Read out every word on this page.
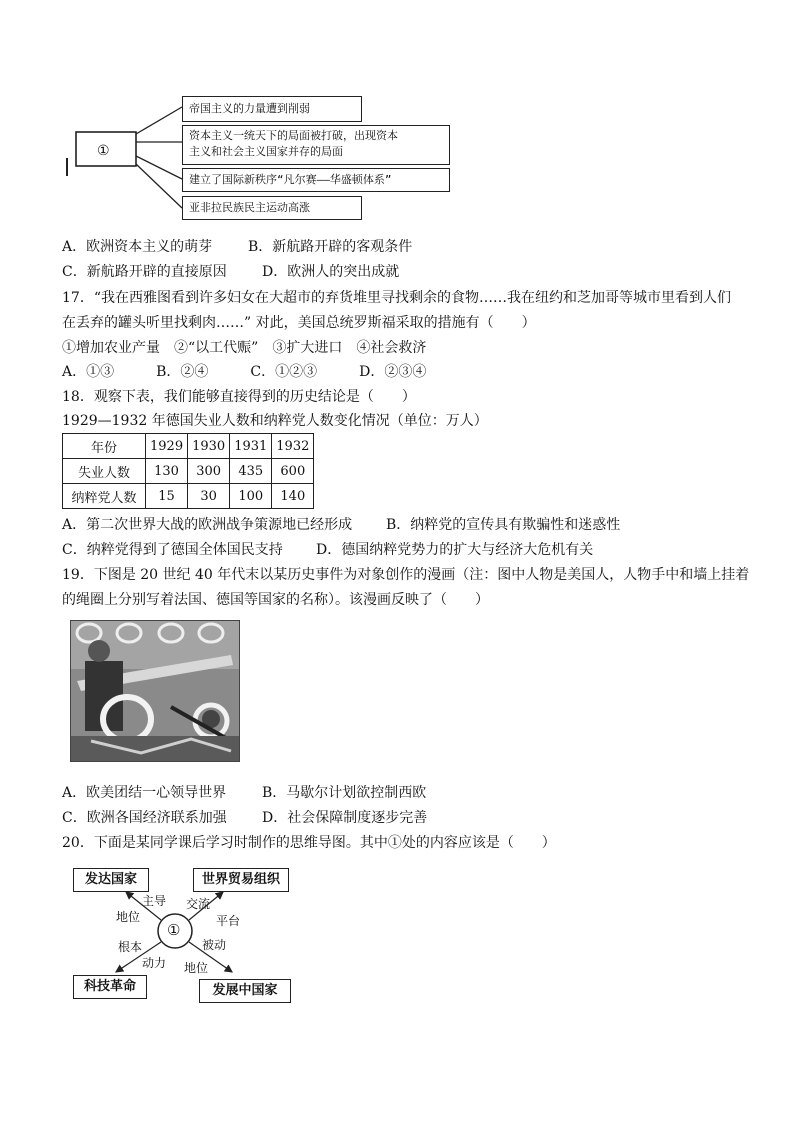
①
帝国主义的力量遭到削弱
资本主义一统天下的局面被打破，出现资本
主义和社会主义国家并存的局面
建立了国际新秩序“凡尔赛——华盛顿体系”
亚非拉民族民主运动高涨
A．欧洲资本主义的萌芽	B．新航路开辟的客观条件
C．新航路开辟的直接原因	D．欧洲人的突出成就
17．“我在西雅图看到许多妇女在大超市的弃货堆里寻找剩余的食物……我在纽约和芝加哥等城市里看到人们
在丢弃的罐头听里找剩肉……” 对此，美国总统罗斯福采取的措施有（　　）
①增加农业产量　②“以工代赈”　③扩大进口　④社会救济
A．①③　　　B．②④　　　C．①②③　　　D．②③④
18．观察下表，我们能够直接得到的历史结论是（　　）
1929—1932 年德国失业人数和纳粹党人数变化情况（单位：万人）
年份	1929	1930	1931	1932
失业人数	130	300	435	600
纳粹党人数	15	30	100	140
A．第二次世界大战的欧洲战争策源地已经形成 B．纳粹党的宣传具有欺骗性和迷惑性
C．纳粹党得到了德国全体国民支持 D．德国纳粹党势力的扩大与经济大危机有关
19．下图是 20 世纪 40 年代末以某历史事件为对象创作的漫画（注：图中人物是美国人，人物手中和墙上挂着
的绳圈上分别写着法国、德国等国家的名称）。该漫画反映了（　　）
A．欧美团结一心领导世界	B．马歇尔计划欲控制西欧
C．欧洲各国经济联系加强	D．社会保障制度逐步完善
20．下面是某同学课后学习时制作的思维导图。其中①处的内容应该是（　　）
①
发达国家	世界贸易组织
科技革命	发展中国家
主导
地位
交流
平台
根本
动力
被动
地位
